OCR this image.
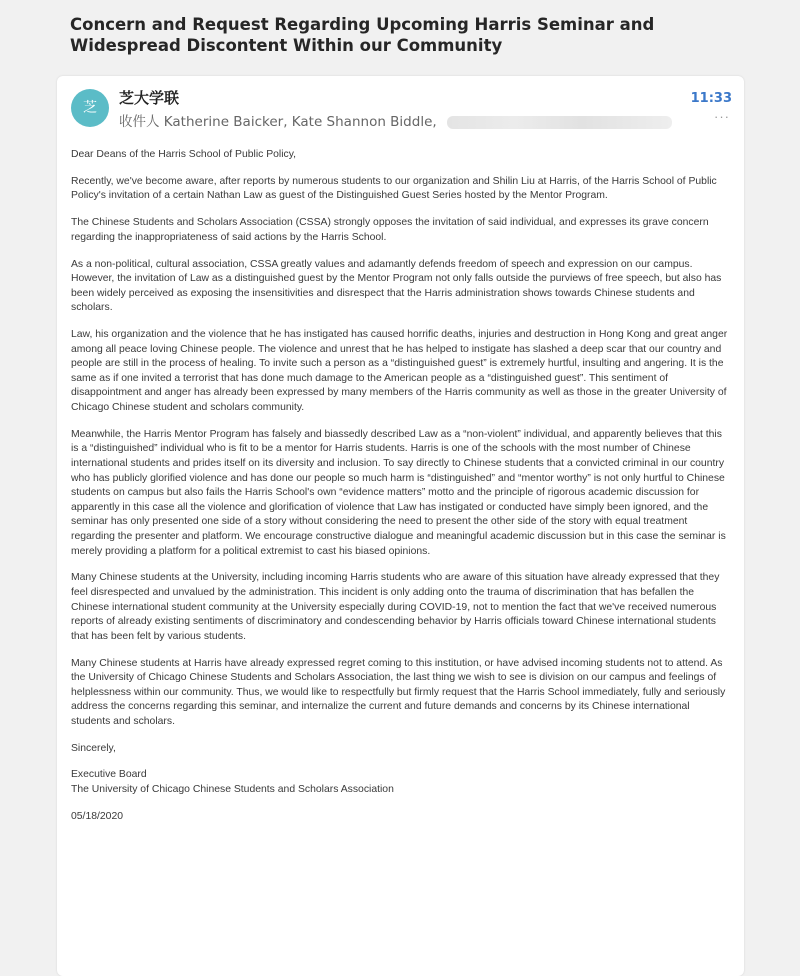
Concern and Request Regarding Upcoming Harris Seminar and Widespread Discontent Within our Community
芝
芝大学联
收件人 Katherine Baicker, Kate Shannon Biddle,
11:33
···

Dear Deans of the Harris School of Public Policy,

Recently, we've become aware, after reports by numerous students to our organization and Shilin Liu at Harris, of the Harris School of Public Policy's invitation of a certain Nathan Law as guest of the Distinguished Guest Series hosted by the Mentor Program.

The Chinese Students and Scholars Association (CSSA) strongly opposes the invitation of said individual, and expresses its grave concern regarding the inappropriateness of said actions by the Harris School.

As a non-political, cultural association, CSSA greatly values and adamantly defends freedom of speech and expression on our campus. However, the invitation of Law as a distinguished guest by the Mentor Program not only falls outside the purviews of free speech, but also has been widely perceived as exposing the insensitivities and disrespect that the Harris administration shows towards Chinese students and scholars.

Law, his organization and the violence that he has instigated has caused horrific deaths, injuries and destruction in Hong Kong and great anger among all peace loving Chinese people. The violence and unrest that he has helped to instigate has slashed a deep scar that our country and people are still in the process of healing. To invite such a person as a “distinguished guest” is extremely hurtful, insulting and angering. It is the same as if one invited a terrorist that has done much damage to the American people as a “distinguished guest”. This sentiment of disappointment and anger has already been expressed by many members of the Harris community as well as those in the greater University of Chicago Chinese student and scholars community.

Meanwhile, the Harris Mentor Program has falsely and biassedly described Law as a “non-violent” individual, and apparently believes that this is a “distinguished” individual who is fit to be a mentor for Harris students. Harris is one of the schools with the most number of Chinese international students and prides itself on its diversity and inclusion. To say directly to Chinese students that a convicted criminal in our country who has publicly glorified violence and has done our people so much harm is “distinguished” and “mentor worthy” is not only hurtful to Chinese students on campus but also fails the Harris School's own “evidence matters” motto and the principle of rigorous academic discussion for apparently in this case all the violence and glorification of violence that Law has instigated or conducted have simply been ignored, and the seminar has only presented one side of a story without considering the need to present the other side of the story with equal treatment regarding the presenter and platform. We encourage constructive dialogue and meaningful academic discussion but in this case the seminar is merely providing a platform for a political extremist to cast his biased opinions.

Many Chinese students at the University, including incoming Harris students who are aware of this situation have already expressed that they feel disrespected and unvalued by the administration. This incident is only adding onto the trauma of discrimination that has befallen the Chinese international student community at the University especially during COVID-19, not to mention the fact that we've received numerous reports of already existing sentiments of discriminatory and condescending behavior by Harris officials toward Chinese international students that has been felt by various students.

Many Chinese students at Harris have already expressed regret coming to this institution, or have advised incoming students not to attend. As the University of Chicago Chinese Students and Scholars Association, the last thing we wish to see is division on our campus and feelings of helplessness within our community. Thus, we would like to respectfully but firmly request that the Harris School immediately, fully and seriously address the concerns regarding this seminar, and internalize the current and future demands and concerns by its Chinese international students and scholars.

Sincerely,

Executive Board

The University of Chicago Chinese Students and Scholars Association

05/18/2020
